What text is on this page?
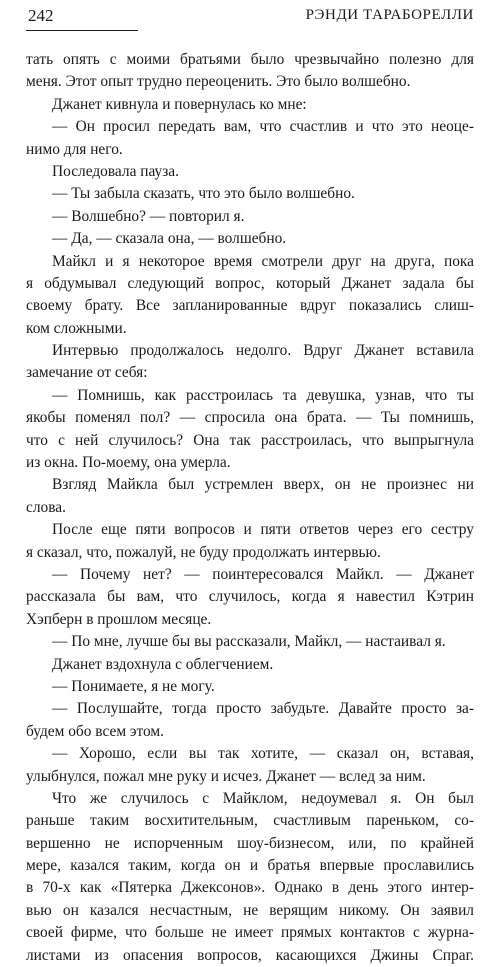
242	РЭНДИ ТАРАБОРЕЛЛИ
тать опять с моими братьями было чрезвычайно полезно для
меня. Этот опыт трудно переоценить. Это было волшебно.
Джанет кивнула и повернулась ко мне:
— Он просил передать вам, что счастлив и что это неоце-
нимо для него.
Последовала пауза.
— Ты забыла сказать, что это было волшебно.
— Волшебно? — повторил я.
— Да, — сказала она, — волшебно.
Майкл и я некоторое время смотрели друг на друга, пока
я обдумывал следующий вопрос, который Джанет задала бы
своему брату. Все запланированные вдруг показались слиш-
ком сложными.
Интервью продолжалось недолго. Вдруг Джанет вставила
замечание от себя:
— Помнишь, как расстроилась та девушка, узнав, что ты
якобы поменял пол? — спросила она брата. — Ты помнишь,
что с ней случилось? Она так расстроилась, что выпрыгнула
из окна. По-моему, она умерла.
Взгляд Майкла был устремлен вверх, он не произнес ни
слова.
После еще пяти вопросов и пяти ответов через его сестру
я сказал, что, пожалуй, не буду продолжать интервью.
— Почему нет? — поинтересовался Майкл. — Джанет
рассказала бы вам, что случилось, когда я навестил Кэтрин
Хэпберн в прошлом месяце.
— По мне, лучше бы вы рассказали, Майкл, — настаивал я.
Джанет вздохнула с облегчением.
— Понимаете, я не могу.
— Послушайте, тогда просто забудьте. Давайте просто за-
будем обо всем этом.
— Хорошо, если вы так хотите, — сказал он, вставая,
улыбнулся, пожал мне руку и исчез. Джанет — вслед за ним.
Что же случилось с Майклом, недоумевал я. Он был
раньше таким восхитительным, счастливым пареньком, со-
вершенно не испорченным шоу-бизнесом, или, по крайней
мере, казался таким, когда он и братья впервые прославились
в 70-х как «Пятерка Джексонов». Однако в день этого интер-
вью он казался несчастным, не верящим никому. Он заявил
своей фирме, что больше не имеет прямых контактов с журна-
листами из опасения вопросов, касающихся Джины Спраг.
